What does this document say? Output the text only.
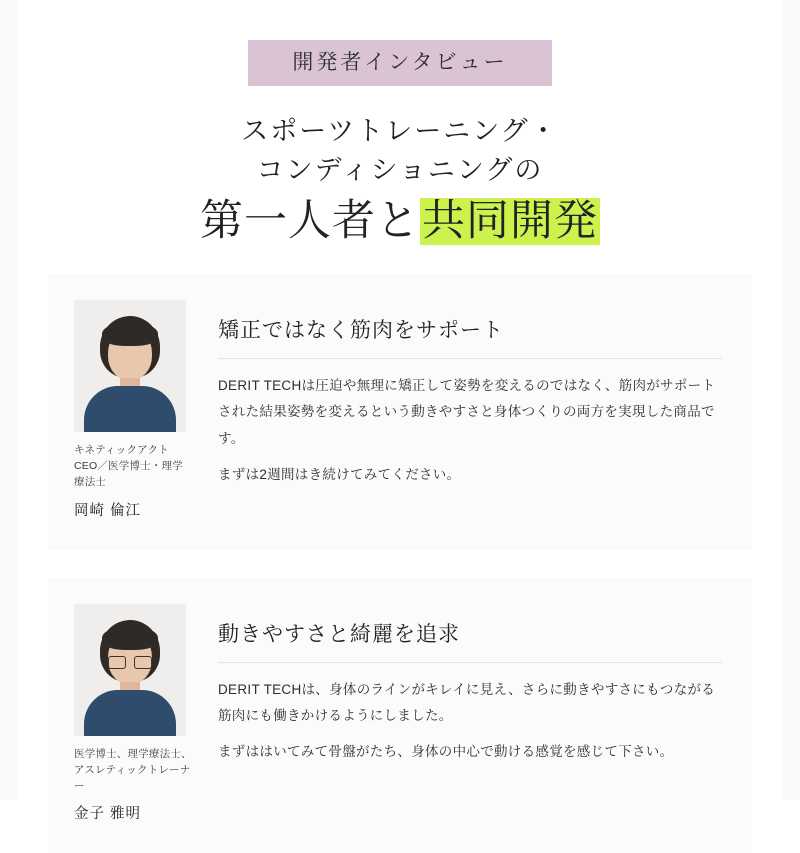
開発者インタビュー
スポーツトレーニング・
コンディショニングの
第一人者と共同開発
キネティックアクトCEO／医学博士・理学療法士
岡崎 倫江
矯正ではなく筋肉をサポート

DERIT TECHは圧迫や無理に矯正して姿勢を変えるのではなく、筋肉がサポートされた結果姿勢を変えるという動きやすさと身体つくりの両方を実現した商品です。

まずは2週間はき続けてみてください。

医学博士、理学療法士、アスレティックトレーナー
金子 雅明
動きやすさと綺麗を追求

DERIT TECHは、身体のラインがキレイに見え、さらに動きやすさにもつながる筋肉にも働きかけるようにしました。

まずははいてみて骨盤がたち、身体の中心で動ける感覚を感じて下さい。
